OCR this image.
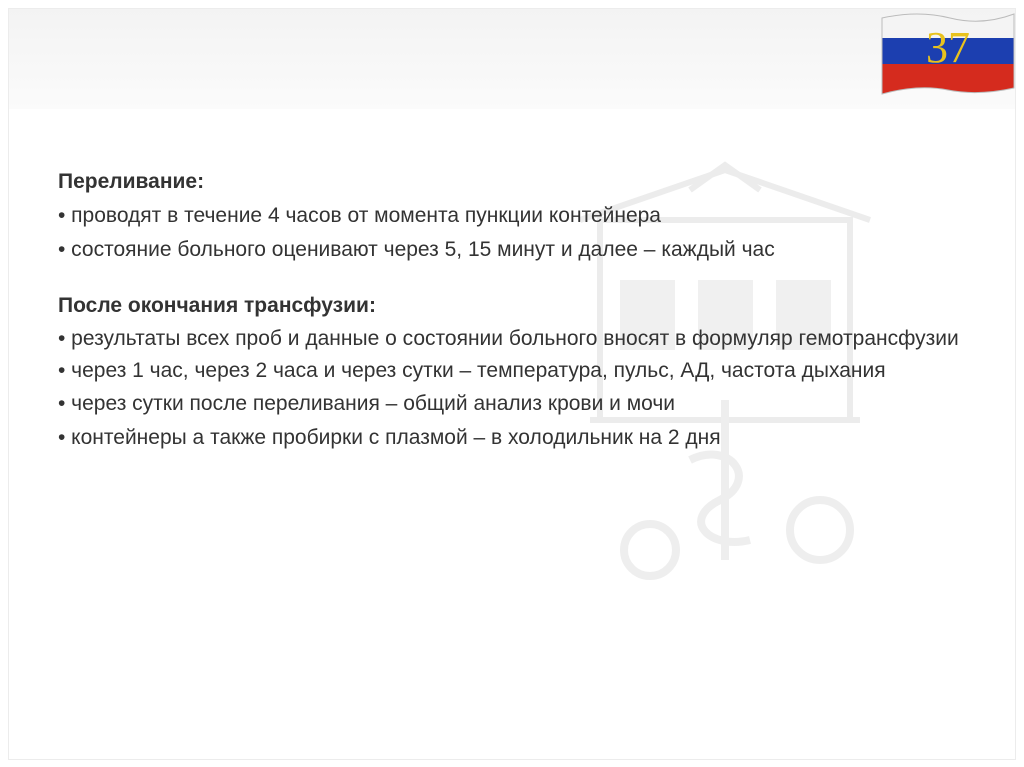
37
Переливание:
• проводят в течение 4 часов от момента пункции контейнера
• состояние больного оценивают через 5, 15 минут и далее – каждый час
После окончания трансфузии:
• результаты всех проб и данные о состоянии больного вносят в формуляр гемотрансфузии
• через 1 час, через 2 часа и через сутки – температура, пульс, АД, частота дыхания
• через сутки после переливания – общий анализ крови и мочи
• контейнеры а также пробирки с плазмой – в холодильник на 2 дня
